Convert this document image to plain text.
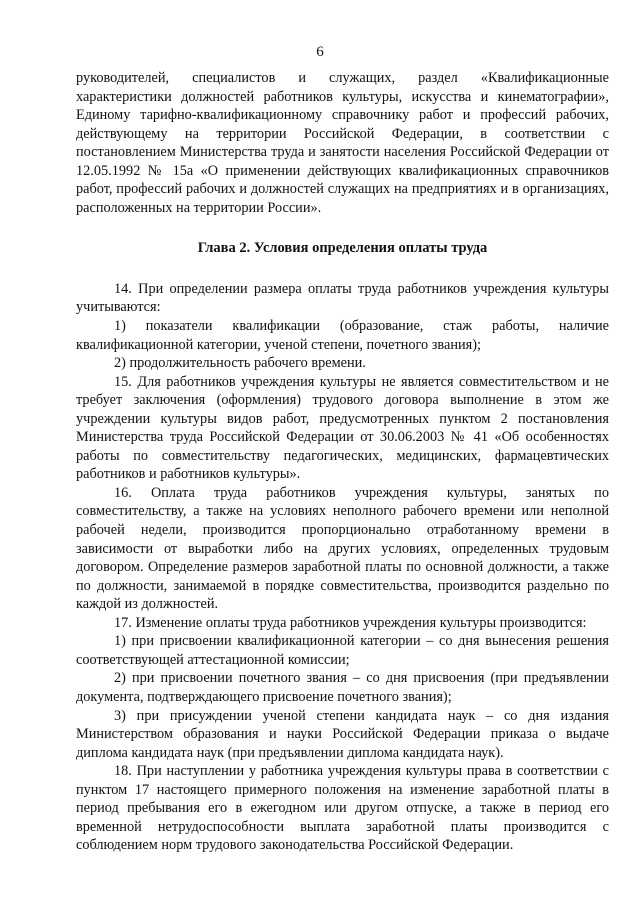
6

руководителей, специалистов и служащих, раздел «Квалификационные характеристики должностей работников культуры, искусства и кинематографии», Единому тарифно-квалификационному справочнику работ и профессий рабочих, действующему на территории Российской Федерации, в соответствии с постановлением Министерства труда и занятости населения Российской Федерации от 12.05.1992 № 15а «О применении действующих квалификационных справочников работ, профессий рабочих и должностей служащих на предприятиях и в организациях, расположенных на территории России».

Глава 2. Условия определения оплаты труда

14. При определении размера оплаты труда работников учреждения культуры учитываются:

1) показатели квалификации (образование, стаж работы, наличие квалификационной категории, ученой степени, почетного звания);

2) продолжительность рабочего времени.

15. Для работников учреждения культуры не является совместительством и не требует заключения (оформления) трудового договора выполнение в этом же учреждении культуры видов работ, предусмотренных пунктом 2 постановления Министерства труда Российской Федерации от 30.06.2003 № 41 «Об особенностях работы по совместительству педагогических, медицинских, фармацевтических работников и работников культуры».

16. Оплата труда работников учреждения культуры, занятых по совместительству, а также на условиях неполного рабочего времени или неполной рабочей недели, производится пропорционально отработанному времени в зависимости от выработки либо на других условиях, определенных трудовым договором. Определение размеров заработной платы по основной должности, а также по должности, занимаемой в порядке совместительства, производится раздельно по каждой из должностей.

17. Изменение оплаты труда работников учреждения культуры производится:

1) при присвоении квалификационной категории – со дня вынесения решения соответствующей аттестационной комиссии;

2) при присвоении почетного звания – со дня присвоения (при предъявлении документа, подтверждающего присвоение почетного звания);

3) при присуждении ученой степени кандидата наук – со дня издания Министерством образования и науки Российской Федерации приказа о выдаче диплома кандидата наук (при предъявлении диплома кандидата наук).

18. При наступлении у работника учреждения культуры права в соответствии с пунктом 17 настоящего примерного положения на изменение заработной платы в период пребывания его в ежегодном или другом отпуске, а также в период его временной нетрудоспособности выплата заработной платы производится с соблюдением норм трудового законодательства Российской Федерации.
